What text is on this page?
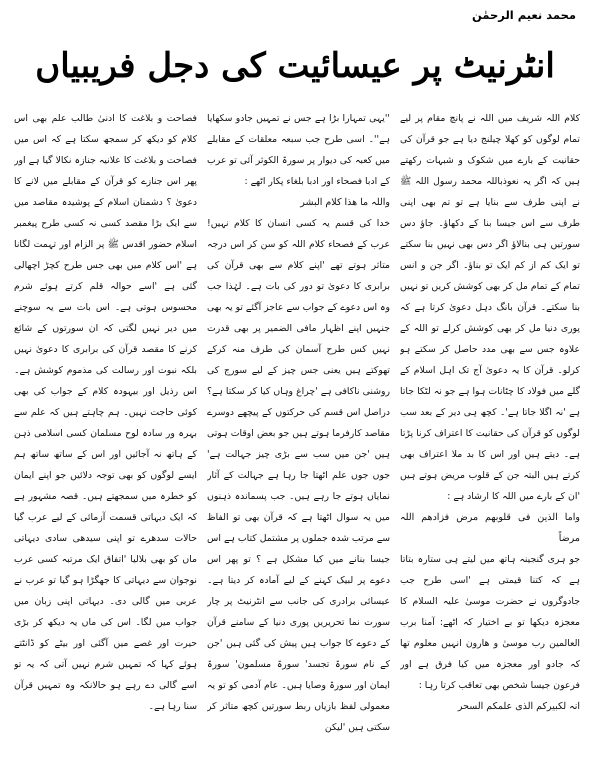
محمد نعیم الرحمٰن
انٹرنیٹ پر عیسائیت کی دجل فریبیاں

کلام اللہ شریف میں اللہ نے پانچ مقام پر لیے تمام لوگوں کو کھلا چیلنج دیا ہے جو قرآن کی حقانیت کے بارے میں شکوک و شبہات رکھتے ہیں کہ اگر یہ نعوذباللہ محمد رسول اللہ ﷺ نے اپنی طرف سے بنایا ہے تو تم بھی اپنی طرف سے اس جیسا بنا کے دکھاؤ۔ جاؤ دس سورتیں ہی بنالاؤ اگر دس بھی نہیں بنا سکتے تو ایک کم از کم ایک تو بناؤ۔ اگر جن و انس تمام کے تمام مل کر بھی کوشش کریں تو نہیں بنا سکتے۔ قرآن بانگ دہل دعویٰ کرتا ہے کہ پوری دنیا مل کر بھی کوشش کرلے تو اللہ کے علاوہ جس سے بھی مدد حاصل کر سکتے ہو کرلو۔ قرآن کا یہ دعویٰ آج تک اہل اسلام کے گلے میں فولاد کا چٹانات ہوا ہے جو نہ لٹکا جاتا ہے 'نہ اگلا جاتا ہے'۔ کچھ ہی دیر کے بعد سب لوگوں کو قرآن کی حقانیت کا اعتراف کرنا پڑتا ہے۔ دیتے ہیں اور اس کا بد ملا اعتراف بھی کرتے ہیں البتہ جن کے قلوب مریض ہوتے ہیں 'ان کے بارے میں اللہ کا ارشاد ہے :

واما الذین فی قلوبھم مرض فزادھم اللہ مرضاً

جو ہری گنجینہ ہاتھ میں لیتے ہی ستارہ بتاتا ہے کہ کتنا قیمتی ہے 'اسی طرح جب جادوگروں نے حضرت موسیٰ علیہ السلام کا معجزہ دیکھا تو بے اختیار کہ اٹھے: آمنا برب العالمین رب موسیٰ و ھارون انہیں معلوم تھا کہ جادو اور معجزہ میں کیا فرق ہے اور فرعون جیسا شخص بھی تعاقب کرتا رہا :

انہ لکبیرکم الذی علمکم السحر

''یہی تمہارا بڑا ہے جس نے تمہیں جادو سکھایا ہے''۔ اسی طرح جب سبعہ معلقات کے مقابلے میں کعبہ کی دیوار پر سورۃ الکوثر آئی تو عرب کے ادبا فصحاء اور ادبا بلغاء پکار اٹھے :

واللہ ما ھذا کلام البشر

خدا کی قسم یہ کسی انسان کا کلام نہیں! عرب کے فصحاء کلام اللہ کو سن کر اس درجہ متاثر ہوتے تھے 'اپنے کلام سے بھی قرآن کی برابری کا دعویٰ تو دور کی بات ہے۔ لہٰذا جب وہ اس دعوے کے جواب سے عاجز آگئے تو یہ بھی جنہیں اپنے اظہار مافی الضمیر پر بھی قدرت نہیں کس طرح آسمان کی طرف منہ کرکے تھوکتے ہیں یعنی جس چیز کے لیے سورج کی روشنی ناکافی ہے 'چراغ وہاں کیا کر سکتا ہے؟ دراصل اس قسم کی حرکتوں کے پیچھے دوسرے مقاصد کارفرما ہوتے ہیں جو بعض اوقات ہوتی ہیں 'جن میں سب سے بڑی چیز جہالت ہے' جوں جوں علم اٹھتا جا رہا ہے جہالت کے آثار نمایاں ہوتے جا رہے ہیں۔ جب پسماندہ ذہنوں میں یہ سوال اٹھتا ہے کہ قرآن بھی تو الفاظ سے مرتب شدہ جملوں پر مشتمل کتاب ہے اس جیسا بنانے میں کیا مشکل ہے ؟ تو پھر اس دعوے پر لبیک کہنے کے لیے آمادہ کر دیتا ہے۔ عیسائی برادری کی جانب سے انٹرنیٹ پر چار سورت نما تحریریں پوری دنیا کے سامنے قرآن کے دعوے کا جواب ہیں پیش کی گئی ہیں 'جن کے نام سورۃ تجسد' سورۃ مسلمون' سورۃ ایمان اور سورۃ وصایا ہیں۔ عام آدمی کو تو یہ معمولی لفظ بازیاں ربط سورتیں کچھ متاثر کر سکتی ہیں 'لیکن

فصاحت و بلاغت کا ادنیٰ طالب علم بھی اس کلام کو دیکھ کر سمجھ سکتا ہے کہ اس میں فصاحت و بلاغت کا علانیہ جنازہ نکالا گیا ہے اور پھر اس جنازے کو قرآن کے مقابلے میں لانے کا دعویٰ ؟ دشمنان اسلام کے پوشیدہ مقاصد میں سے ایک بڑا مقصد کسی نہ کسی طرح پیغمبر اسلام حضور اقدس ﷺ پر الزام اور تہمت لگانا ہے 'اس کلام میں بھی جس طرح کچڑ اچھالی گئی ہے 'اسے حوالہ قلم کرتے ہوئے شرم محسوس ہوتی ہے۔ اس بات سے یہ سوچنے میں دیر نہیں لگتی کہ ان سورتوں کے شائع کرنے کا مقصد قرآن کی برابری کا دعویٰ نہیں بلکہ نبوت اور رسالت کی مذموم کوشش ہے۔ اس رذیل اور بیہودہ کلام کے جواب کی بھی کوئی حاجت نہیں۔ ہم چاہتے ہیں کہ علم سے بہرہ ور سادہ لوح مسلمان کسی اسلامی ذہن کے ہاتھ نہ آجائیں اور اس کے ساتھ ساتھ ہم ایسے لوگوں کو بھی توجہ دلائیں جو اپنے ایمان کو خطرہ میں سمجھتے ہیں۔ قصہ مشہور ہے کہ ایک دیہاتی قسمت آزمائی کے لیے عرب گیا حالات سدھرے تو اپنی سیدھی سادی دیہاتی ماں کو بھی بلالیا 'اتفاق ایک مرتبہ کسی عرب نوجوان سے دیہاتی کا جھگڑا ہو گیا تو عرب نے عربی میں گالی دی۔ دیہاتی اپنی زبان میں جواب میں لگا۔ اس کی ماں یہ دیکھ کر بڑی حیرت اور غصے میں آگئی اور بیٹے کو ڈانٹتے ہوئے کہا کہ تمہیں شرم نہیں آتی کہ یہ تو اسے گالی دے رہے ہو حالانکہ وہ تمہیں قرآن سنا رہا ہے۔
